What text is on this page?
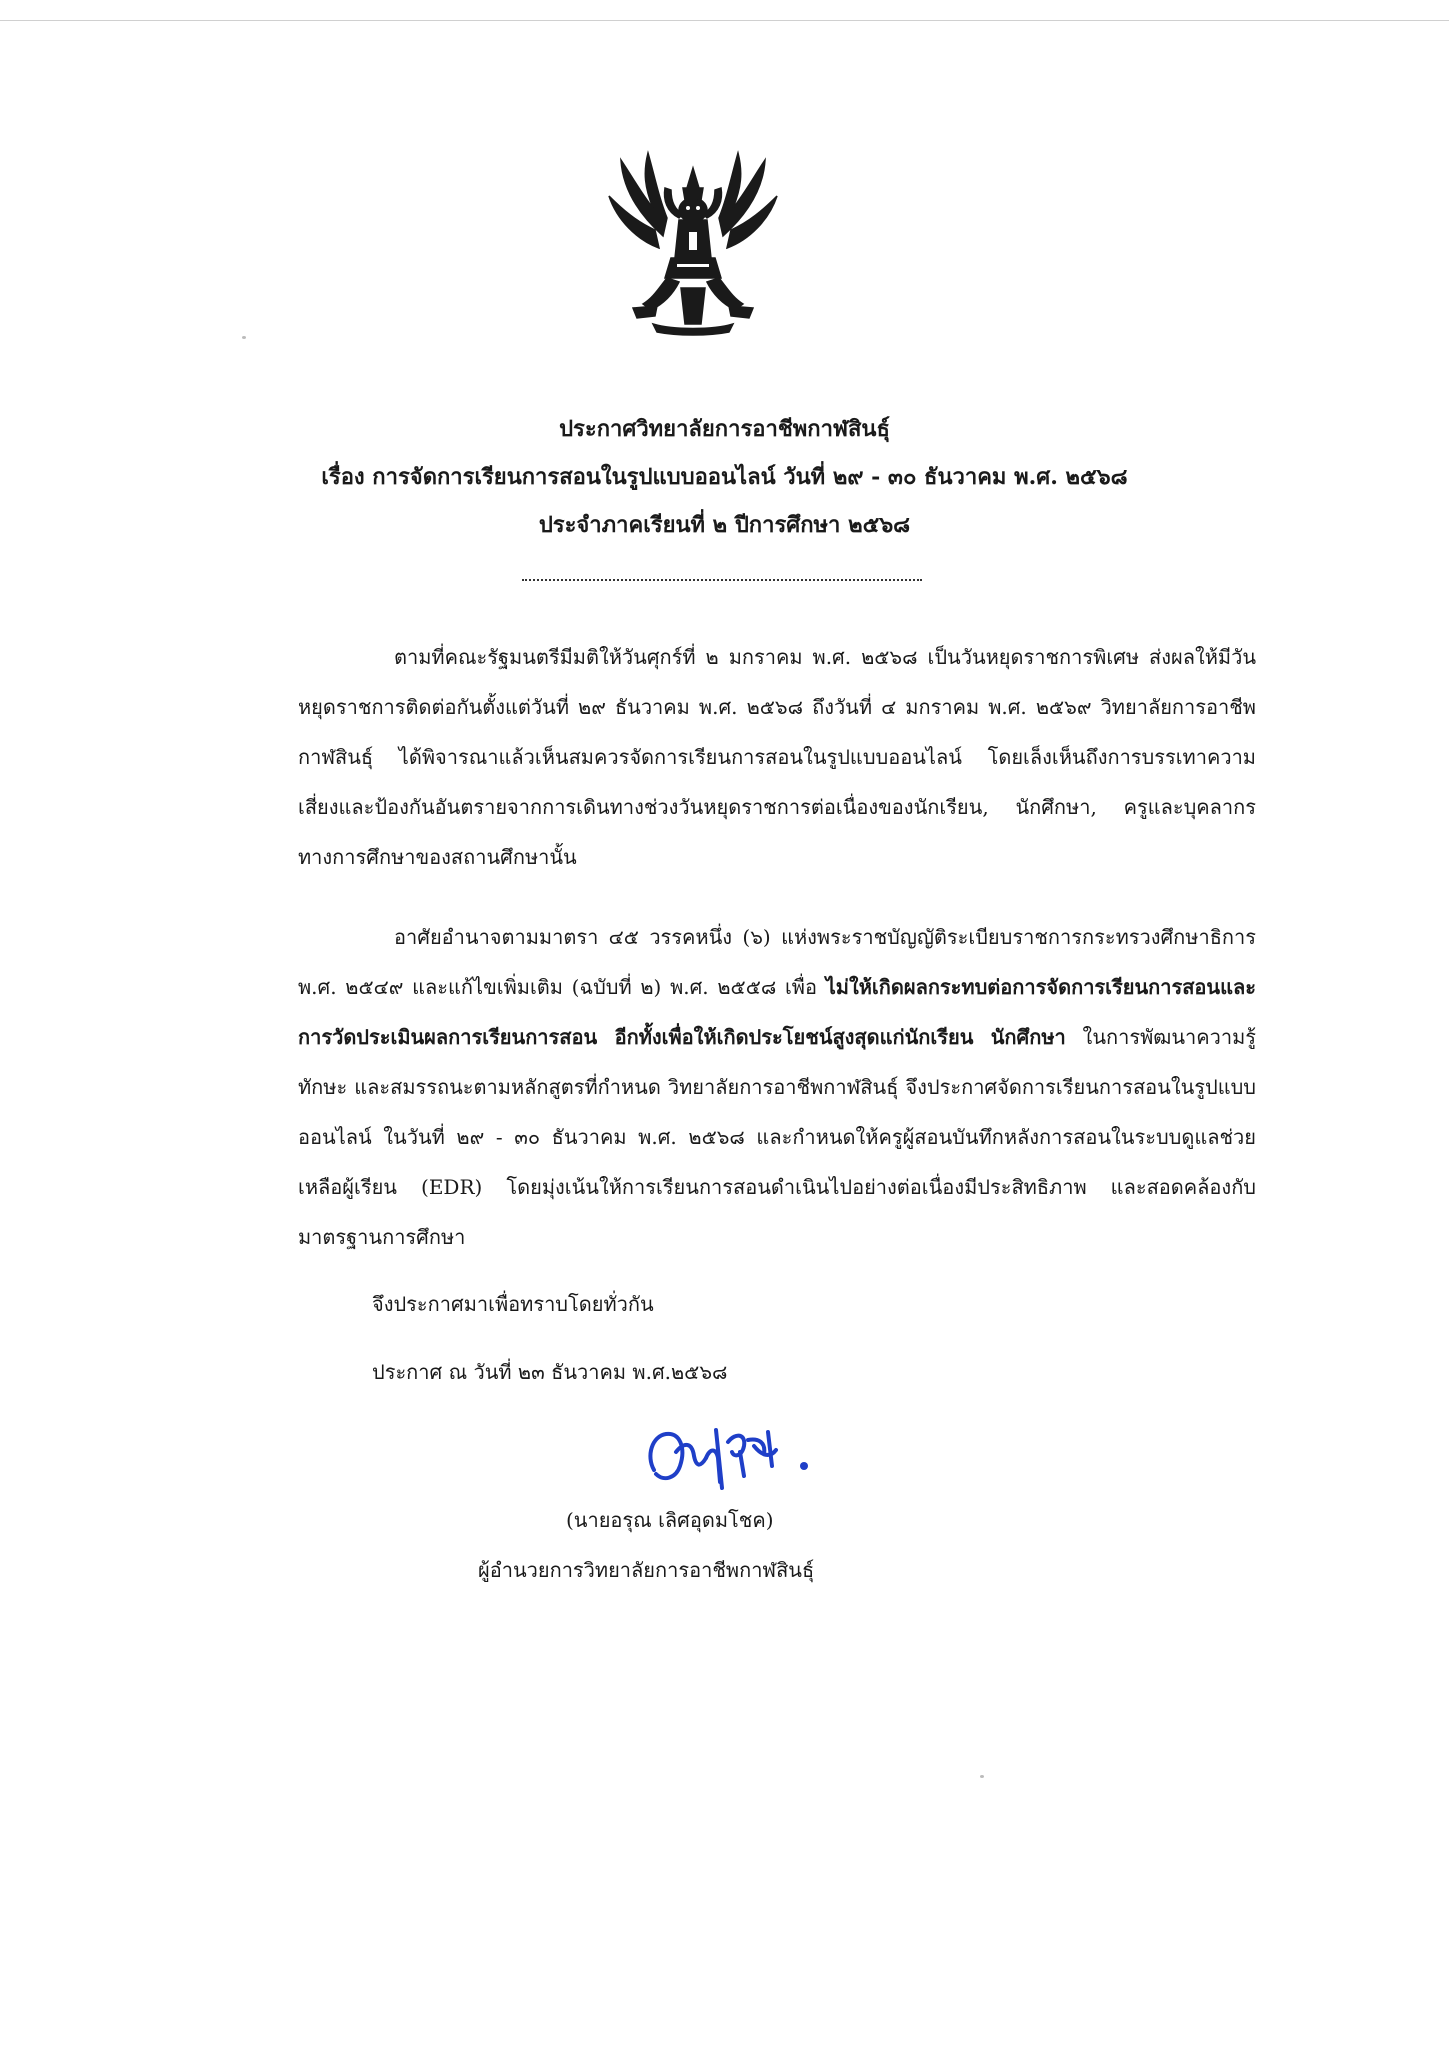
ประกาศวิทยาลัยการอาชีพกาฬสินธุ์
เรื่อง การจัดการเรียนการสอนในรูปแบบออนไลน์ วันที่ ๒๙ - ๓๐ ธันวาคม พ.ศ. ๒๕๖๘
ประจำภาคเรียนที่ ๒ ปีการศึกษา ๒๕๖๘

ตามที่คณะรัฐมนตรีมีมติให้วันศุกร์ที่ ๒ มกราคม พ.ศ. ๒๕๖๘ เป็นวันหยุดราชการพิเศษ ส่งผลให้มีวันหยุดราชการติดต่อกันตั้งแต่วันที่ ๒๙ ธันวาคม พ.ศ. ๒๕๖๘ ถึงวันที่ ๔ มกราคม พ.ศ. ๒๕๖๙ วิทยาลัยการอาชีพกาฬสินธุ์ ได้พิจารณาแล้วเห็นสมควรจัดการเรียนการสอนในรูปแบบออนไลน์ โดยเล็งเห็นถึงการบรรเทาความเสี่ยงและป้องกันอันตรายจากการเดินทางช่วงวันหยุดราชการต่อเนื่องของนักเรียน, นักศึกษา, ครูและบุคลากรทางการศึกษาของสถานศึกษานั้น

อาศัยอำนาจตามมาตรา ๔๕ วรรคหนึ่ง (๖) แห่งพระราชบัญญัติระเบียบราชการกระทรวงศึกษาธิการ พ.ศ. ๒๕๔๙ และแก้ไขเพิ่มเติม (ฉบับที่ ๒) พ.ศ. ๒๕๕๘ เพื่อ ไม่ให้เกิดผลกระทบต่อการจัดการเรียนการสอนและการวัดประเมินผลการเรียนการสอน อีกทั้งเพื่อให้เกิดประโยชน์สูงสุดแก่นักเรียน นักศึกษา ในการพัฒนาความรู้ ทักษะ และสมรรถนะตามหลักสูตรที่กำหนด วิทยาลัยการอาชีพกาฬสินธุ์ จึงประกาศจัดการเรียนการสอนในรูปแบบออนไลน์ ในวันที่ ๒๙ - ๓๐ ธันวาคม พ.ศ. ๒๕๖๘ และกำหนดให้ครูผู้สอนบันทึกหลังการสอนในระบบดูแลช่วยเหลือผู้เรียน (EDR) โดยมุ่งเน้นให้การเรียนการสอนดำเนินไปอย่างต่อเนื่องมีประสิทธิภาพ และสอดคล้องกับมาตรฐานการศึกษา

จึงประกาศมาเพื่อทราบโดยทั่วกัน
ประกาศ ณ วันที่ ๒๓ ธันวาคม พ.ศ.๒๕๖๘
(นายอรุณ เลิศอุดมโชค)
ผู้อำนวยการวิทยาลัยการอาชีพกาฬสินธุ์
